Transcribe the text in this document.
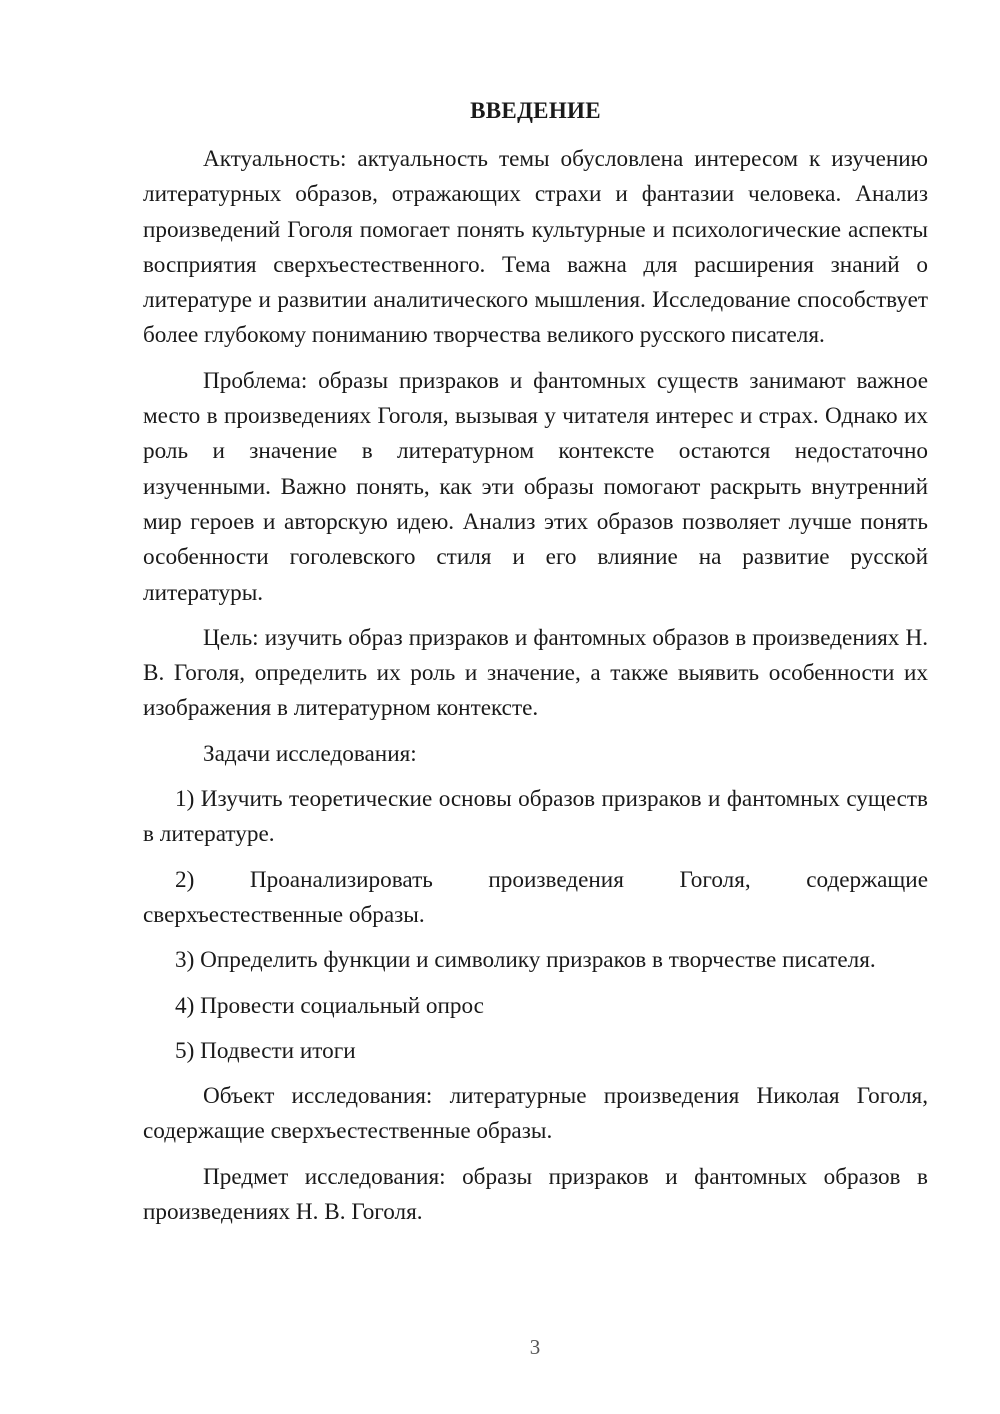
ВВЕДЕНИЕ

Актуальность: актуальность темы обусловлена интересом к изучению литературных образов, отражающих страхи и фантазии человека. Анализ произведений Гоголя помогает понять культурные и психологические аспекты восприятия сверхъестественного. Тема важна для расширения знаний о литературе и развитии аналитического мышления. Исследование способствует более глубокому пониманию творчества великого русского писателя.

Проблема: образы призраков и фантомных существ занимают важное место в произведениях Гоголя, вызывая у читателя интерес и страх. Однако их роль и значение в литературном контексте остаются недостаточно изученными. Важно понять, как эти образы помогают раскрыть внутренний мир героев и авторскую идею. Анализ этих образов позволяет лучше понять особенности гоголевского стиля и его влияние на развитие русской литературы.

Цель: изучить образ призраков и фантомных образов в произведениях Н. В. Гоголя, определить их роль и значение, а также выявить особенности их изображения в литературном контексте.

Задачи исследования:

1) Изучить теоретические основы образов призраков и фантомных существ в литературе.

2) Проанализировать произведения Гоголя, содержащие сверхъестественные образы.

3) Определить функции и символику призраков в творчестве писателя.

4) Провести социальный опрос

5) Подвести итоги

Объект исследования: литературные произведения Николая Гоголя, содержащие сверхъестественные образы.

Предмет исследования: образы призраков и фантомных образов в произведениях Н. В. Гоголя.

3
